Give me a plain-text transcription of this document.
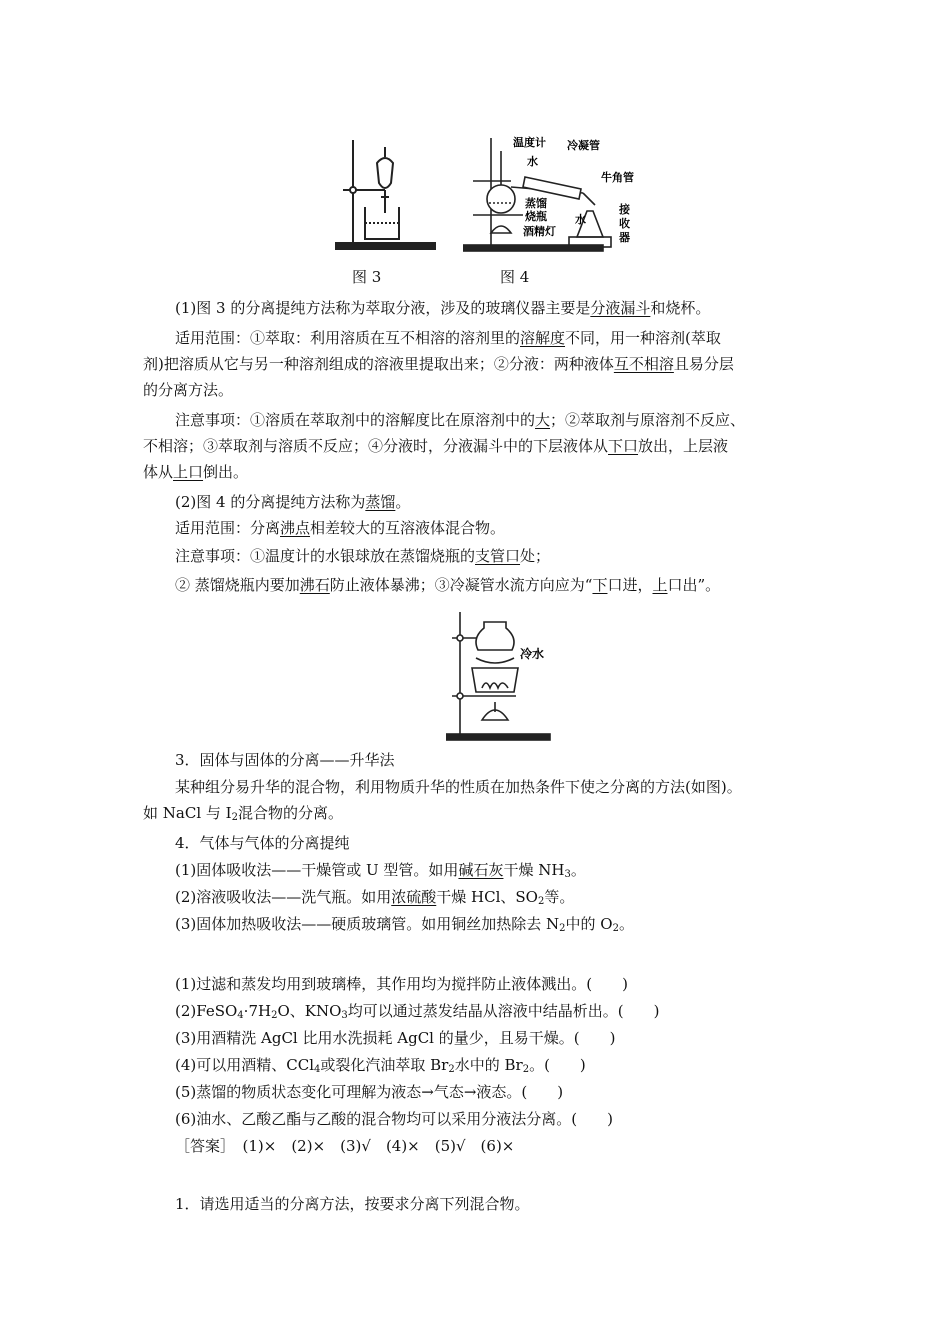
温度计
水
冷凝管
牛角管
蒸馏
烧瓶
酒精灯
水
接
收
器
图 3	图 4
(1)图 3 的分离提纯方法称为萃取分液，涉及的玻璃仪器主要是分液漏斗和烧杯。
适用范围：①萃取：利用溶质在互不相溶的溶剂里的溶解度不同，用一种溶剂(萃取
剂)把溶质从它与另一种溶剂组成的溶液里提取出来；②分液：两种液体互不相溶且易分层
的分离方法。
注意事项：①溶质在萃取剂中的溶解度比在原溶剂中的大；②萃取剂与原溶剂不反应、
不相溶；③萃取剂与溶质不反应；④分液时，分液漏斗中的下层液体从下口放出，上层液
体从上口倒出。
(2)图 4 的分离提纯方法称为蒸馏。
适用范围：分离沸点相差较大的互溶液体混合物。
注意事项：①温度计的水银球放在蒸馏烧瓶的支管口处；
② 蒸馏烧瓶内要加沸石防止液体暴沸；③冷凝管水流方向应为“下口进，上口出”。
冷水
3．固体与固体的分离——升华法
某种组分易升华的混合物，利用物质升华的性质在加热条件下使之分离的方法(如图)。
如 NaCl 与 $I_2$混合物的分离。
4．气体与气体的分离提纯
(1)固体吸收法——干燥管或 U 型管。如用碱石灰干燥 $NH_3$。
(2)溶液吸收法——洗气瓶。如用浓硫酸干燥 HCl、$SO_2$等。
(3)固体加热吸收法——硬质玻璃管。如用铜丝加热除去 $N_2$中的 $O_2$。
(1)过滤和蒸发均用到玻璃棒，其作用均为搅拌防止液体溅出。(　　)
$(2)FeSO_4\cdot 7H_2O$、$KNO_3$均可以通过蒸发结晶从溶液中结晶析出。(　　)
(3)用酒精洗 AgCl 比用水洗损耗 AgCl 的量少，且易干燥。(　　)
(4)可以用酒精、CCl$_4$或裂化汽油萃取 $Br_2$水中的 $Br_2$。(　　)
(5)蒸馏的物质状态变化可理解为液态→气态→液态。(　　)
(6)油水、乙酸乙酯与乙酸的混合物均可以采用分液法分离。(　　)
［答案］　(1)×　(2)×　(3)√　(4)×　(5)√　(6)×
1．请选用适当的分离方法，按要求分离下列混合物。
